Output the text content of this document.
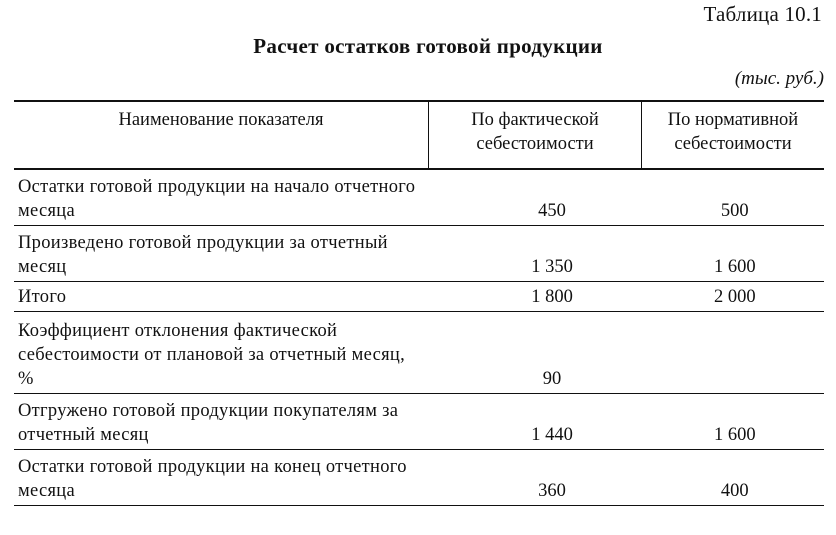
Таблица 10.1
Расчет остатков готовой продукции
(тыс. руб.)
Наименование показателя	По фактической себестоимости	По нормативной себестоимости
Остатки готовой продукции на начало отчетного месяца	450	500
Произведено готовой продукции за отчетный месяц	1 350	1 600
Итого	1 800	2 000
Коэффициент отклонения фактической себестоимости от плановой за отчетный месяц, %	90	
Отгружено готовой продукции покупателям за отчетный месяц	1 440	1 600
Остатки готовой продукции на конец отчетного месяца	360	400
